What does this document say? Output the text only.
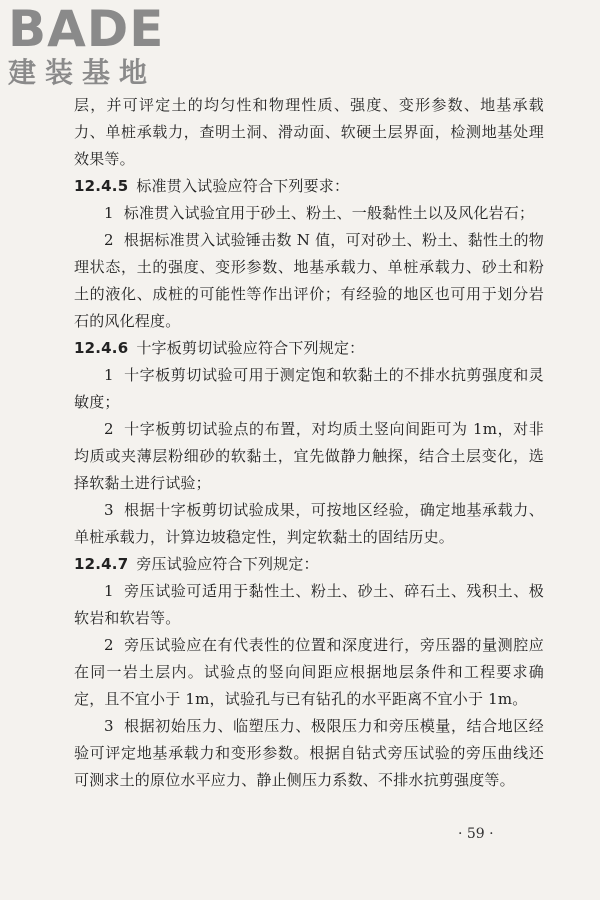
BADE
建装基地

层，并可评定土的均匀性和物理性质、强度、变形参数、地基承载力、单桩承载力，查明土洞、滑动面、软硬土层界面，检测地基处理效果等。

12.4.5 标准贯入试验应符合下列要求：

1 标准贯入试验宜用于砂土、粉土、一般黏性土以及风化岩石；

2 根据标准贯入试验锤击数 N 值，可对砂土、粉土、黏性土的物理状态，土的强度、变形参数、地基承载力、单桩承载力、砂土和粉土的液化、成桩的可能性等作出评价；有经验的地区也可用于划分岩石的风化程度。

12.4.6 十字板剪切试验应符合下列规定：

1 十字板剪切试验可用于测定饱和软黏土的不排水抗剪强度和灵敏度；

2 十字板剪切试验点的布置，对均质土竖向间距可为 1m，对非均质或夹薄层粉细砂的软黏土，宜先做静力触探，结合土层变化，选择软黏土进行试验；

3 根据十字板剪切试验成果，可按地区经验，确定地基承载力、单桩承载力，计算边坡稳定性，判定软黏土的固结历史。

12.4.7 旁压试验应符合下列规定：

1 旁压试验可适用于黏性土、粉土、砂土、碎石土、残积土、极软岩和软岩等。

2 旁压试验应在有代表性的位置和深度进行，旁压器的量测腔应在同一岩土层内。试验点的竖向间距应根据地层条件和工程要求确定，且不宜小于 1m，试验孔与已有钻孔的水平距离不宜小于 1m。

3 根据初始压力、临塑压力、极限压力和旁压模量，结合地区经验可评定地基承载力和变形参数。根据自钻式旁压试验的旁压曲线还可测求土的原位水平应力、静止侧压力系数、不排水抗剪强度等。

· 59 ·
